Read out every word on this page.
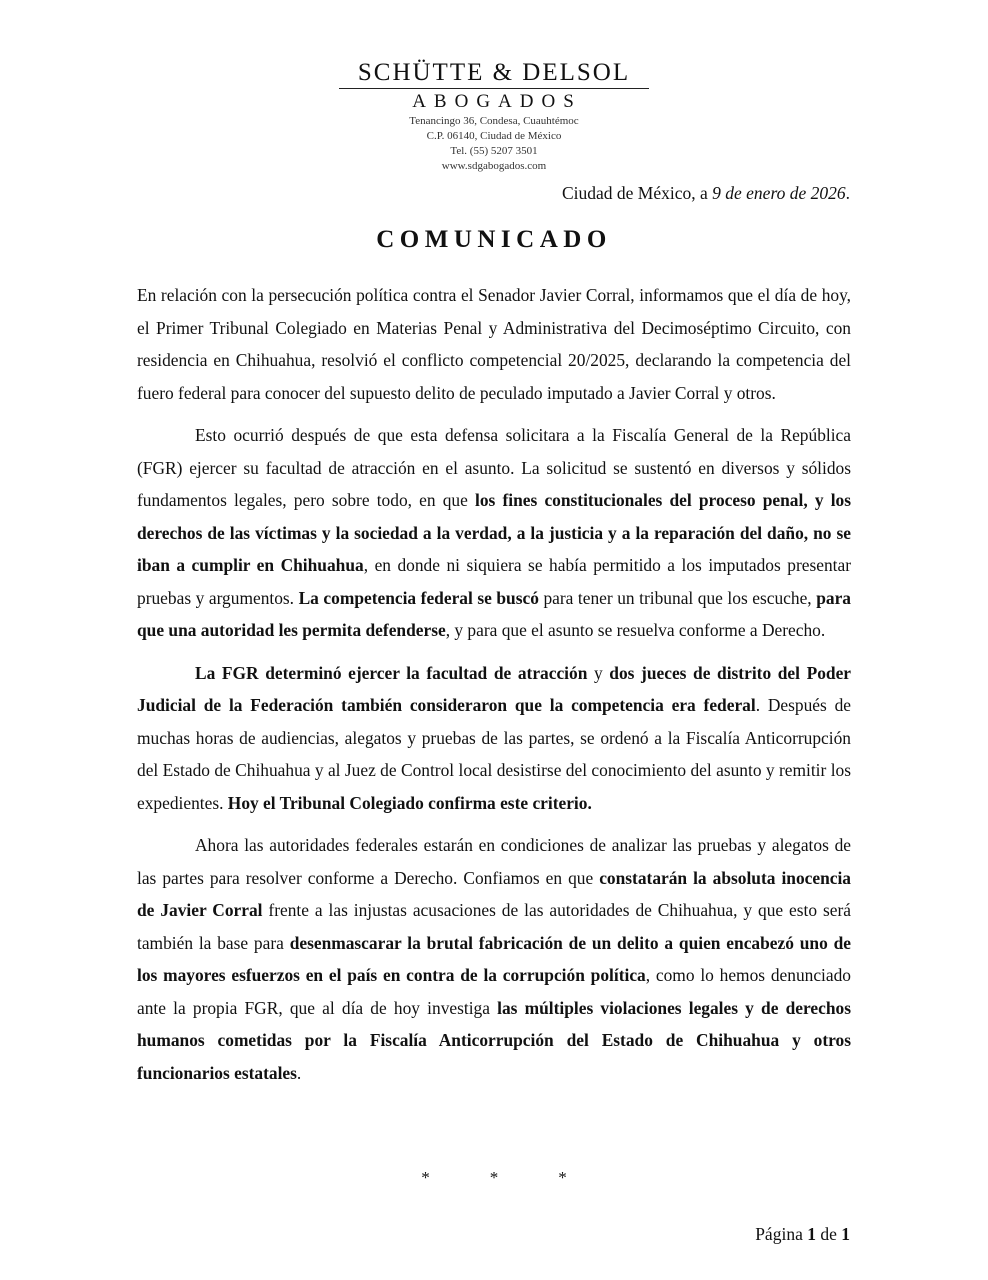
SCHÜTTE & DELSOL
ABOGADOS
Tenancingo 36, Condesa, Cuauhtémoc
C.P. 06140, Ciudad de México
Tel. (55) 5207 3501
www.sdgabogados.com
Ciudad de México, a 9 de enero de 2026.
COMUNICADO

En relación con la persecución política contra el Senador Javier Corral, informamos que el día de hoy, el Primer Tribunal Colegiado en Materias Penal y Administrativa del Decimoséptimo Circuito, con residencia en Chihuahua, resolvió el conflicto competencial 20/2025, declarando la competencia del fuero federal para conocer del supuesto delito de peculado imputado a Javier Corral y otros.

Esto ocurrió después de que esta defensa solicitara a la Fiscalía General de la República (FGR) ejercer su facultad de atracción en el asunto. La solicitud se sustentó en diversos y sólidos fundamentos legales, pero sobre todo, en que los fines constitucionales del proceso penal, y los derechos de las víctimas y la sociedad a la verdad, a la justicia y a la reparación del daño, no se iban a cumplir en Chihuahua, en donde ni siquiera se había permitido a los imputados presentar pruebas y argumentos. La competencia federal se buscó para tener un tribunal que los escuche, para que una autoridad les permita defenderse, y para que el asunto se resuelva conforme a Derecho.

La FGR determinó ejercer la facultad de atracción y dos jueces de distrito del Poder Judicial de la Federación también consideraron que la competencia era federal. Después de muchas horas de audiencias, alegatos y pruebas de las partes, se ordenó a la Fiscalía Anticorrupción del Estado de Chihuahua y al Juez de Control local desistirse del conocimiento del asunto y remitir los expedientes. Hoy el Tribunal Colegiado confirma este criterio.

Ahora las autoridades federales estarán en condiciones de analizar las pruebas y alegatos de las partes para resolver conforme a Derecho. Confiamos en que constatarán la absoluta inocencia de Javier Corral frente a las injustas acusaciones de las autoridades de Chihuahua, y que esto será también la base para desenmascarar la brutal fabricación de un delito a quien encabezó uno de los mayores esfuerzos en el país en contra de la corrupción política, como lo hemos denunciado ante la propia FGR, que al día de hoy investiga las múltiples violaciones legales y de derechos humanos cometidas por la Fiscalía Anticorrupción del Estado de Chihuahua y otros funcionarios estatales.

*	*	*
Página 1 de 1
